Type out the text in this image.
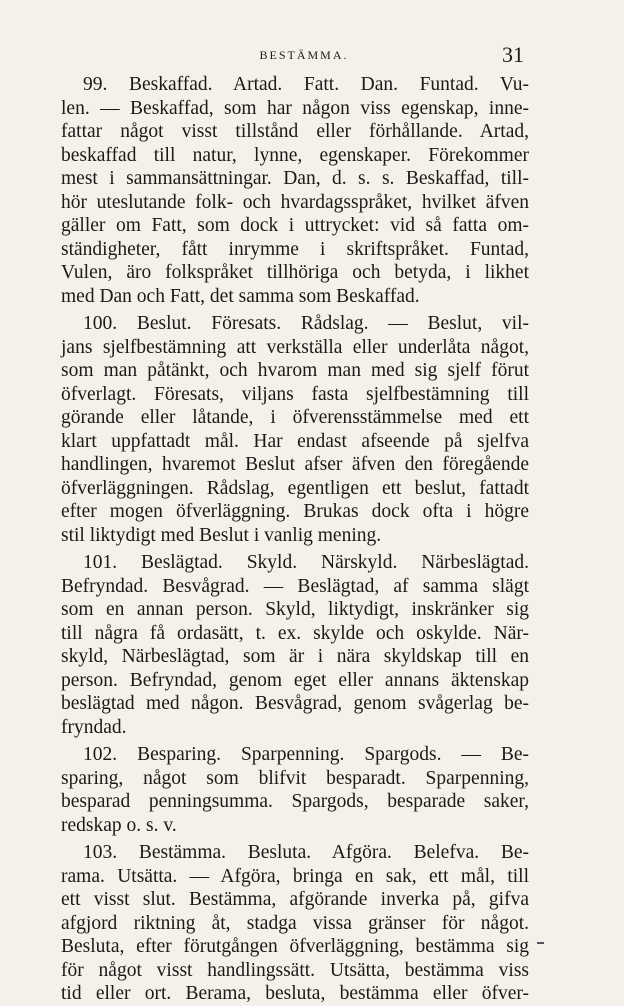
BESTÄMMA.	31
99. Beskaffad. Artad. Fatt. Dan. Funtad. Vu-
len. — Beskaffad, som har någon viss egenskap, inne-
fattar något visst tillstånd eller förhållande. Artad,
beskaffad till natur, lynne, egenskaper. Förekommer
mest i sammansättningar. Dan, d. s. s. Beskaffad, till-
hör uteslutande folk- och hvardagsspråket, hvilket äfven
gäller om Fatt, som dock i uttrycket: vid så fatta om-
ständigheter, fått inrymme i skriftspråket. Funtad,
Vulen, äro folkspråket tillhöriga och betyda, i likhet
med Dan och Fatt, det samma som Beskaffad.
100. Beslut. Föresats. Rådslag. — Beslut, vil-
jans sjelfbestämning att verkställa eller underlåta något,
som man påtänkt, och hvarom man med sig sjelf förut
öfverlagt. Föresats, viljans fasta sjelfbestämning till
görande eller låtande, i öfverensstämmelse med ett
klart uppfattadt mål. Har endast afseende på sjelfva
handlingen, hvaremot Beslut afser äfven den föregående
öfverläggningen. Rådslag, egentligen ett beslut, fattadt
efter mogen öfverläggning. Brukas dock ofta i högre
stil liktydigt med Beslut i vanlig mening.
101. Beslägtad. Skyld. Närskyld. Närbeslägtad.
Befryndad. Besvågrad. — Beslägtad, af samma slägt
som en annan person. Skyld, liktydigt, inskränker sig
till några få ordasätt, t. ex. skylde och oskylde. När-
skyld, Närbeslägtad, som är i nära skyldskap till en
person. Befryndad, genom eget eller annans äktenskap
beslägtad med någon. Besvågrad, genom svågerlag be-
fryndad.
102. Besparing. Sparpenning. Spargods. — Be-
sparing, något som blifvit besparadt. Sparpenning,
besparad penningsumma. Spargods, besparade saker,
redskap o. s. v.
103. Bestämma. Besluta. Afgöra. Belefva. Be-
rama. Utsätta. — Afgöra, bringa en sak, ett mål, till
ett visst slut. Bestämma, afgörande inverka på, gifva
afgjord riktning åt, stadga vissa gränser för något.
Besluta, efter förutgången öfverläggning, bestämma sig
för något visst handlingssätt. Utsätta, bestämma viss
tid eller ort. Berama, besluta, bestämma eller öfver-
